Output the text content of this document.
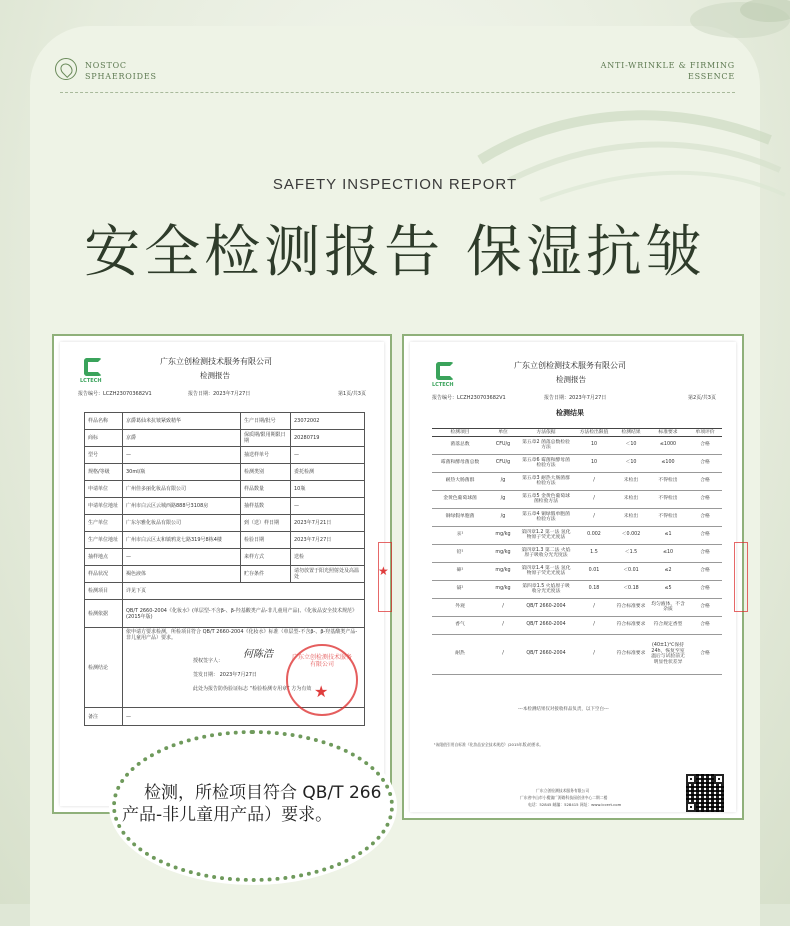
NOSTOC
SPHAEROIDES
ANTI-WRINKLE & FIRMING
ESSENCE
SAFETY INSPECTION REPORT
安全检测报告 保湿抗皱
LCTECH
广东立创检测技术服务有限公司
检测报告
报告编号：LCZH230703682V1	报告日期：2023年7月27日	第1页/共3页
样品名称	京爵葛仙米抗皱紧致精华	生产日期/批号	23072002
商标	京爵	保质期/限用期限日期	20280719
型号	—	抽送样单号	—
规格/等级	30ml/瓶	检测类别	委托检测
申请单位	广州佳多丽化妆品有限公司	样品数量	10瓶
申请单位地址	广州市白云区云城西路888号3108房	抽样基数	—
生产单位	广东尔雅化妆品有限公司	到（送）样日期	2023年7月21日
生产单位地址	广州市白云区太和镇鸦龙七路319号8栋4楼	检验日期	2023年7月27日
抽样地点	—	来样方式	送检
样品状况	褐色液体	贮存条件	请勿放置于阳光照射处及高温处
检测项目	详见下页		
检测依据	QB/T 2660-2004《化妆水》(单层型-不含β-、β-羟基酸类产品-非儿童用产品)、《化妆品安全技术规范》(2015年版)		
检测结论	依申请方要求检测，所检项目符合 QB/T 2660-2004《化妆水》标准（单层型-不含β-、β-羟基酸类产品-非儿童用产品）要求。
授权签字人：
何陈浩
签发日期： 2023年7月27日
此处为报告防伪验证标志 “检验检测专用章” 方为有效		

备注	—		
广东立创检测技术服务有限公司
★
★
LCTECH
广东立创检测技术服务有限公司
检测报告
报告编号：LCZH230703682V1	报告日期：2023年7月27日	第2页/共3页
检测结果
检测项目	单位	方法依据	方法检出限值	检测结果	标准要求	单项评价
菌落总数	CFU/g	第五章2 菌落总数检验方法	10	＜10	≤1000	合格
霉菌和酵母菌总数	CFU/g	第五章6 霉菌和酵母菌检验方法	10	＜10	≤100	合格
耐热大肠菌群	/g	第五章3 耐热大肠菌群检验方法	/	未检出	不得检出	合格
金黄色葡萄球菌	/g	第五章5 金黄色葡萄球菌检验方法	/	未检出	不得检出	合格
铜绿假单胞菌	/g	第五章4 铜绿假单胞菌检验方法	/	未检出	不得检出	合格
汞¹	mg/kg	第四章1.2 第一法 氢化物原子荧光光度法	0.002	＜0.002	≤1	合格
铅¹	mg/kg	第四章1.3 第二法 火焰原子吸收分光光度法	1.5	＜1.5	≤10	合格
砷¹	mg/kg	第四章1.4 第一法 氢化物原子荧光光度法	0.01	＜0.01	≤2	合格
镉¹	mg/kg	第四章1.5 火焰原子吸收分光光度法	0.18	＜0.18	≤5	合格
外观	/	QB/T 2660-2004	/	符合标准要求	均匀液体，不含杂质	合格
香气	/	QB/T 2660-2004	/	符合标准要求	符合规定香型	合格
耐热	/	QB/T 2660-2004	/	符合标准要求	(40±1)℃保持24h，恢复至室温后与试验前无明显性状差异	合格
---本检测结果仅对接收样品负责，以下空白---
¹该限值引用自标准《化妆品安全技术规范》(2015年版)的要求。
广东立创检测技术服务有限公司
广东省中山市小榄镇广源路科技园创业中心二期二楼
电话：52845 邮编：528415 网址：www.lccert.com
检测，所检项目符合 QB/T 266
产品-非儿童用产品）要求。
